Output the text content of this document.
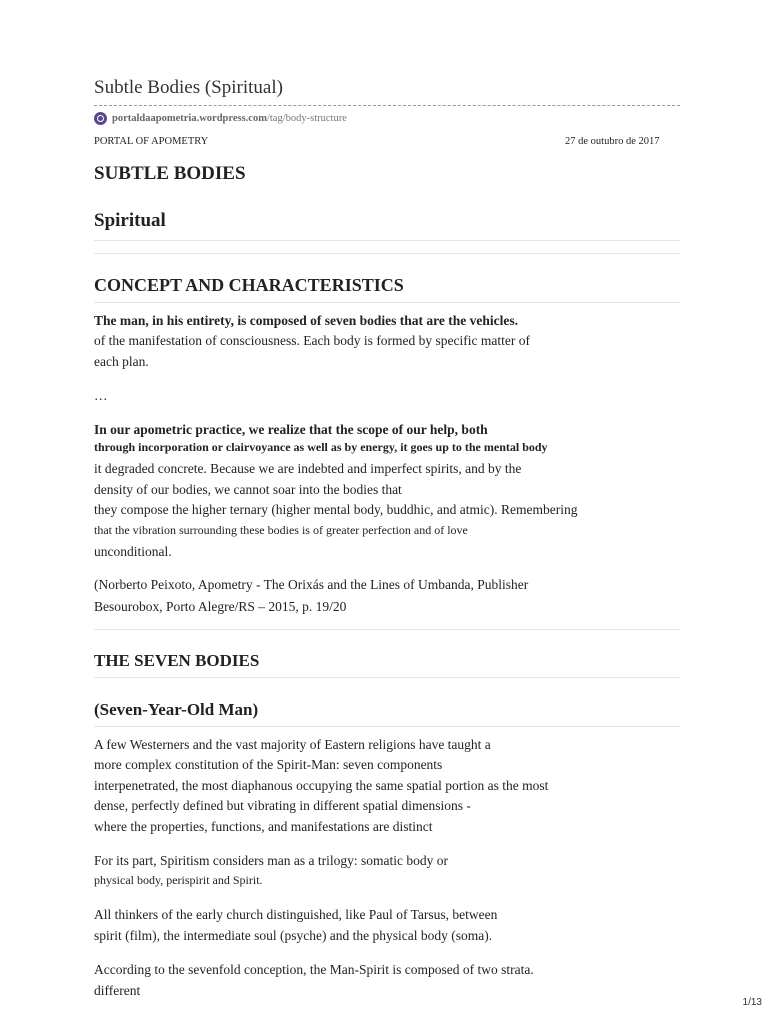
Subtle Bodies (Spiritual)
portaldaapometria.wordpress.com /tag/body-structure
PORTAL OF APOMETRY	27 de outubro de 2017
SUBTLE BODIES
Spiritual
CONCEPT AND CHARACTERISTICS
The man, in his entirety, is composed of seven bodies that are the vehicles.
of the manifestation of consciousness. Each body is formed by specific matter of
each plan.
…
In our apometric practice, we realize that the scope of our help, both
through incorporation or clairvoyance as well as by energy, it goes up to the mental body
it degraded concrete. Because we are indebted and imperfect spirits, and by the
density of our bodies, we cannot soar into the bodies that
they compose the higher ternary (higher mental body, buddhic, and atmic). Remembering
that the vibration surrounding these bodies is of greater perfection and of love
unconditional.
(Norberto Peixoto, Apometry - The Orixás and the Lines of Umbanda, Publisher
Besourobox, Porto Alegre/RS – 2015, p. 19/20
THE SEVEN BODIES
(Seven-Year-Old Man)
A few Westerners and the vast majority of Eastern religions have taught a
more complex constitution of the Spirit-Man: seven components
interpenetrated, the most diaphanous occupying the same spatial portion as the most
dense, perfectly defined but vibrating in different spatial dimensions -
where the properties, functions, and manifestations are distinct
For its part, Spiritism considers man as a trilogy: somatic body or
physical body, perispirit and Spirit.
All thinkers of the early church distinguished, like Paul of Tarsus, between
spirit (film), the intermediate soul (psyche) and the physical body (soma).
According to the sevenfold conception, the Man-Spirit is composed of two strata.
different
1/13
